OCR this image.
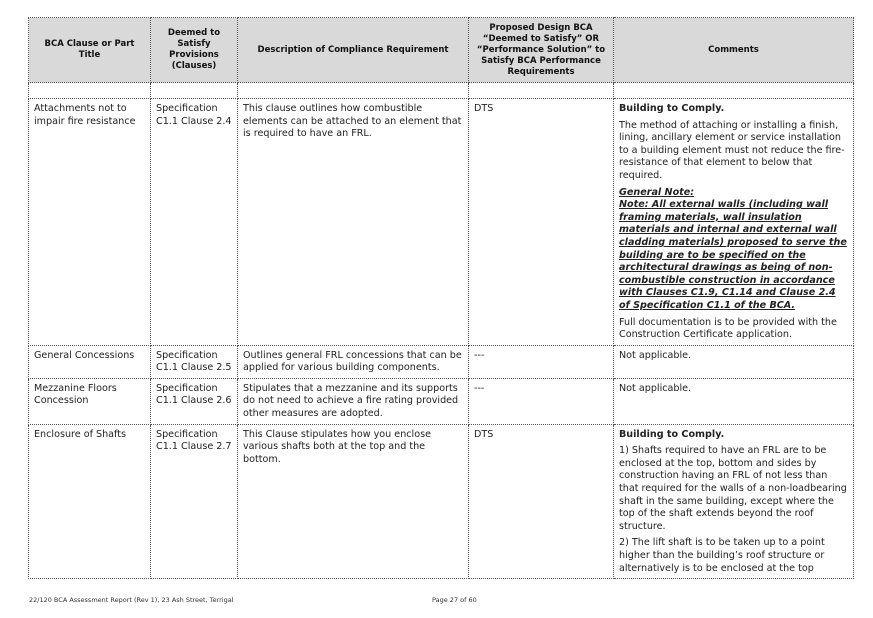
BCA Clause or Part Title	Deemed to Satisfy Provisions (Clauses)	Description of Compliance Requirement	Proposed Design BCA “Deemed to Satisfy” OR “Performance Solution” to Satisfy BCA Performance Requirements	Comments

Attachments not to impair fire resistance	Specification C1.1 Clause 2.4	This clause outlines how combustible elements can be attached to an element that is required to have an FRL.	DTS	Building to Comply.

The method of attaching or installing a finish, lining, ancillary element or service installation to a building element must not reduce the fire-resistance of that element to below that required.

General Note:

Note: All external walls (including wall framing materials, wall insulation materials and internal and external wall cladding materials) proposed to serve the building are to be specified on the architectural drawings as being of non-combustible construction in accordance with Clauses C1.9, C1.14 and Clause 2.4 of Specification C1.1 of the BCA.

Full documentation is to be provided with the Construction Certificate application.

General Concessions	Specification C1.1 Clause 2.5	Outlines general FRL concessions that can be applied for various building components.	---	Not applicable.
Mezzanine Floors Concession	Specification C1.1 Clause 2.6	Stipulates that a mezzanine and its supports do not need to achieve a fire rating provided other measures are adopted.	---	Not applicable.
Enclosure of Shafts	Specification C1.1 Clause 2.7	This Clause stipulates how you enclose various shafts both at the top and the bottom.	DTS	Building to Comply.

1) Shafts required to have an FRL are to be enclosed at the top, bottom and sides by construction having an FRL of not less than that required for the walls of a non-loadbearing shaft in the same building, except where the top of the shaft extends beyond the roof structure.

2) The lift shaft is to be taken up to a point higher than the building’s roof structure or alternatively is to be enclosed at the top

22/120 BCA Assessment Report (Rev 1), 23 Ash Street, Terrigal	Page 27 of 60
